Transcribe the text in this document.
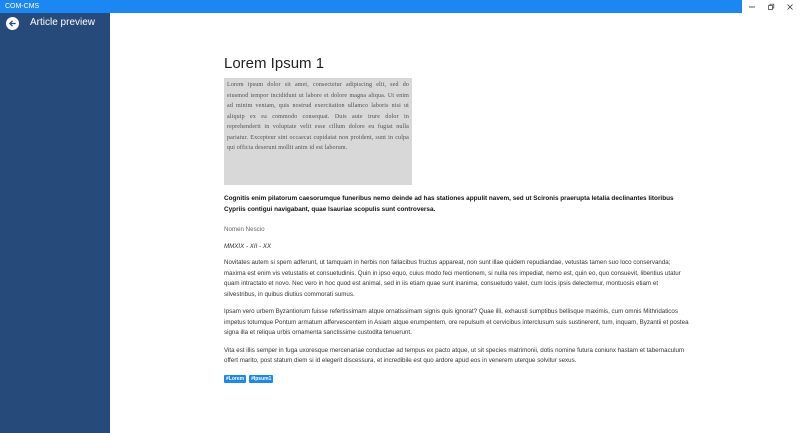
COM-CMS
Article preview
Lorem Ipsum 1
Lorem ipsum dolor sit amet, consectetur adipiscing elit, sed do eiusmod tempor incididunt ut labore et dolore magna aliqua. Ut enim ad minim veniam, quis nostrud exercitation ullamco laboris nisi ut aliquip ex ea commodo consequat. Duis aute irure dolor in reprehenderit in voluptate velit esse cillum dolore eu fugiat nulla pariatur. Excepteur sint occaecat cupidatat non proident, sunt in culpa qui officia deserunt mollit anim id est laborum.

Cognitis enim pilatorum caesorumque funeribus nemo deinde ad has stationes appulit navem, sed ut Scironis praerupta letalia declinantes litoribus Cypriis contigui navigabant, quae Isauriae scopulis sunt controversa.

Nomen Nescio

MMXIX - XII - XX

Novitates autem si spem adferunt, ut tamquam in herbis non fallacibus fructus appareat, non sunt illae quidem repudiandae, vetustas tamen suo loco conservanda; maxima est enim vis vetustatis et consuetudinis. Quin in ipso equo, cuius modo feci mentionem, si nulla res impediat, nemo est, quin eo, quo consuevit, libentius utatur quam intractato et novo. Nec vero in hoc quod est animal, sed in iis etiam quae sunt inanima, consuetudo valet, cum locis ipsis delectemur, montuosis etiam et silvestribus, in quibus diutius commorati sumus.

Ipsam vero urbem Byzantiorum fuisse refertissimam atque ornatissimam signis quis ignorat? Quae illi, exhausti sumptibus bellisque maximis, cum omnis Mithridaticos impetus totumque Pontum armatum affervescentem in Asiam atque erumpentem, ore repulsum et cervicibus interclusum suis sustinerent, tum, inquam, Byzantii et postea signa illa et reliqua urbis ornamenta sanctissime custodita tenuerunt.

Vita est illis semper in fuga uxoresque mercenariae conductae ad tempus ex pacto atque, ut sit species matrimonii, dotis nomine futura coniunx hastam et tabernaculum offert marito, post statum diem si id elegerit discessura, et incredibile est quo ardore apud eos in venerem uterque solvitur sexus.

#Lorem	#Ipsum1
